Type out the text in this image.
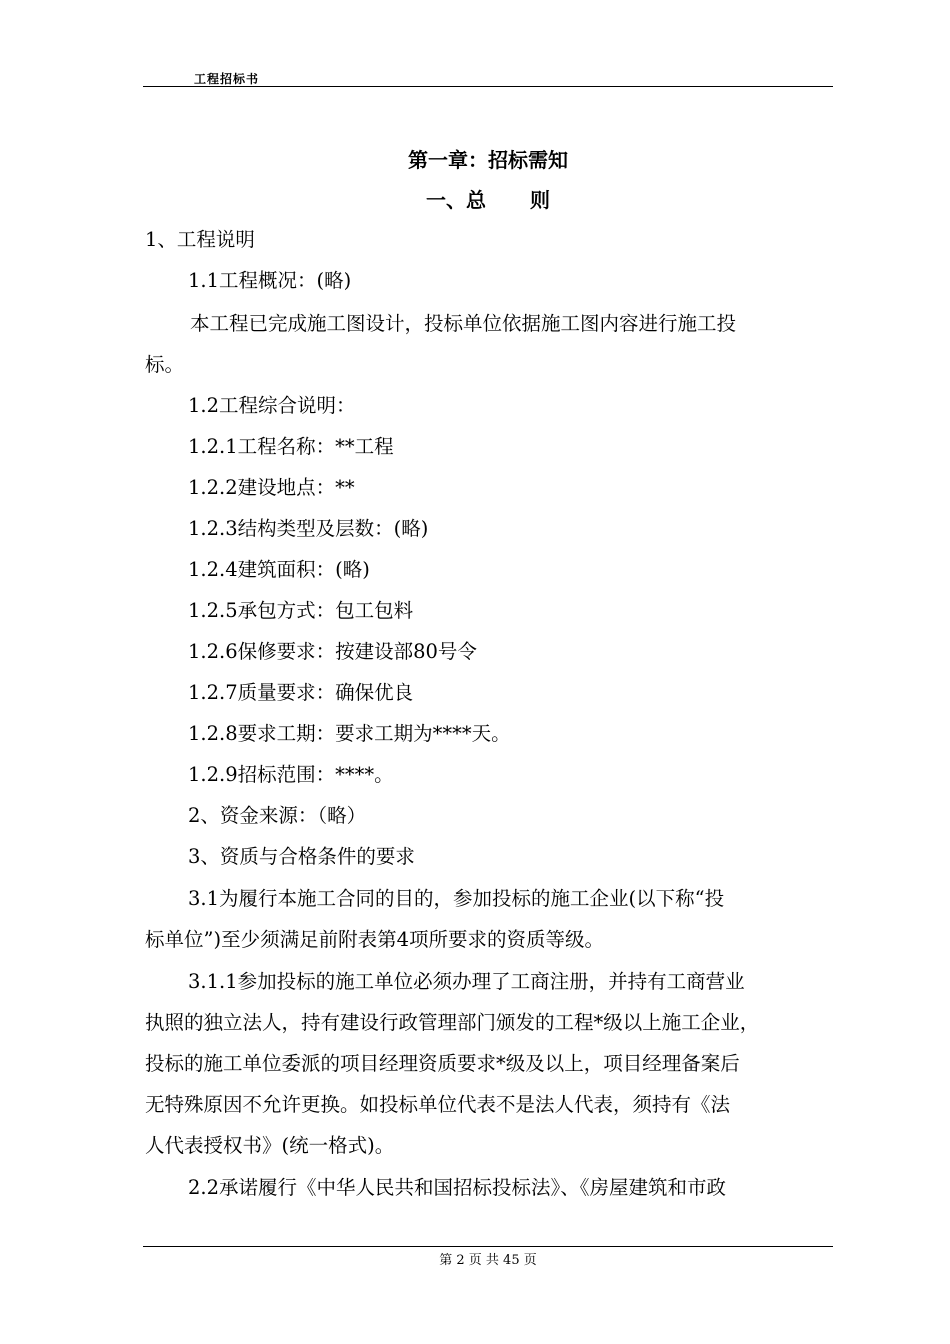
工程招标书
第一章：招标需知
一、总 则
1、工程说明
1.1工程概况：(略)
本工程已完成施工图设计，投标单位依据施工图内容进行施工投
标。
1.2工程综合说明：
1.2.1工程名称：**工程
1.2.2建设地点：**
1.2.3结构类型及层数：(略)
1.2.4建筑面积：(略)
1.2.5承包方式：包工包料
1.2.6保修要求：按建设部80号令
1.2.7质量要求：确保优良
1.2.8要求工期：要求工期为****天。
1.2.9招标范围：****。
2、资金来源：（略）
3、资质与合格条件的要求
3.1为履行本施工合同的目的，参加投标的施工企业(以下称“投
标单位”)至少须满足前附表第4项所要求的资质等级。
3.1.1参加投标的施工单位必须办理了工商注册，并持有工商营业
执照的独立法人，持有建设行政管理部门颁发的工程*级以上施工企业，
投标的施工单位委派的项目经理资质要求*级及以上，项目经理备案后
无特殊原因不允许更换。如投标单位代表不是法人代表，须持有《法
人代表授权书》(统一格式)。
2.2承诺履行《中华人民共和国招标投标法》、《房屋建筑和市政
第 2 页 共 45 页
